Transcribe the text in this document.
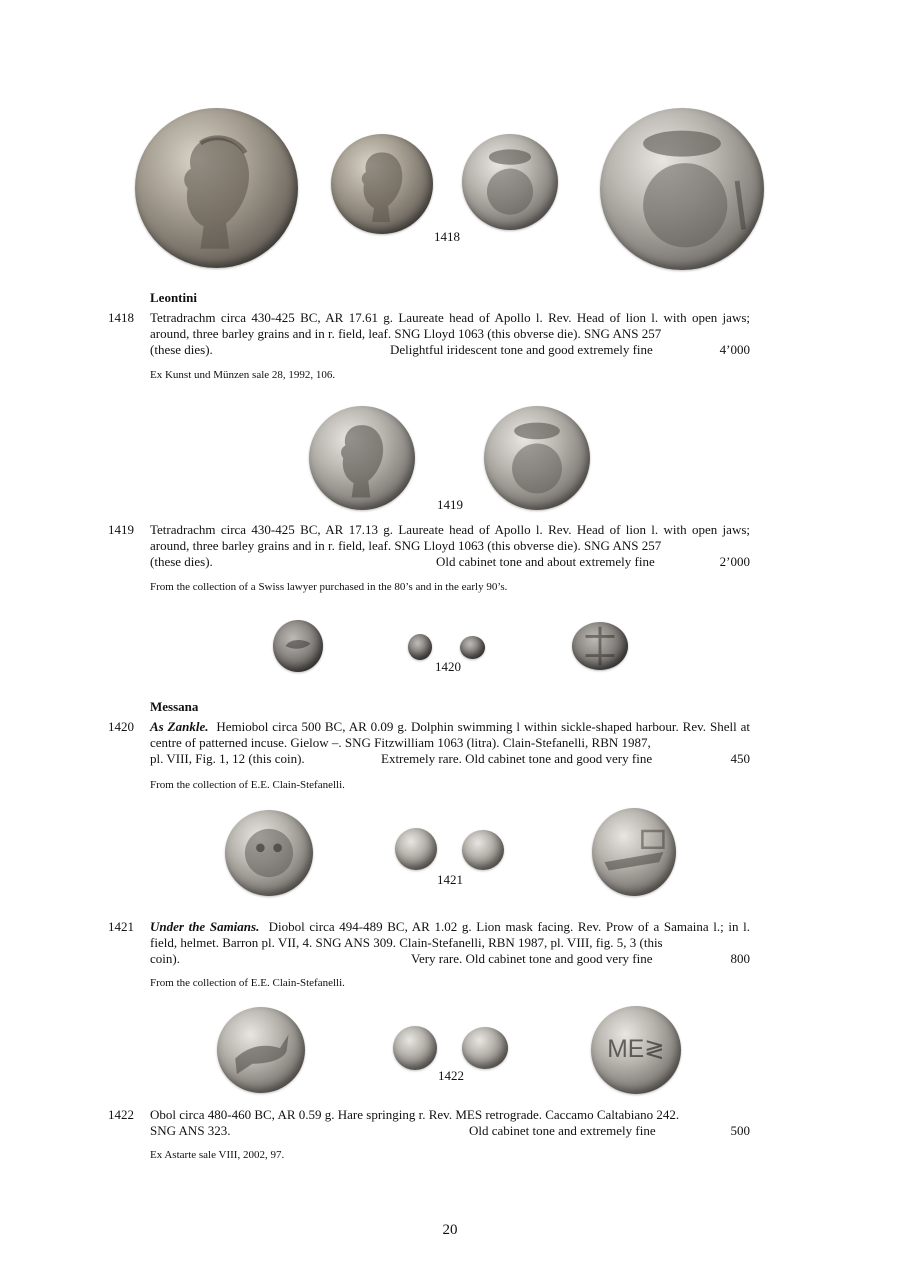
1418
Leontini
1418 Tetradrachm circa 430-425 BC, AR 17.61 g. Laureate head of Apollo l. Rev. Head of lion l. with open jaws; around, three barley grains and in r. field, leaf. SNG Lloyd 1063 (this obverse die). SNG ANS 257
(these dies).	Delightful iridescent tone and good extremely fine	4’000
Ex Kunst und Münzen sale 28, 1992, 106.
1419
1419 Tetradrachm circa 430-425 BC, AR 17.13 g. Laureate head of Apollo l. Rev. Head of lion l. with open jaws; around, three barley grains and in r. field, leaf. SNG Lloyd 1063 (this obverse die). SNG ANS 257
(these dies).	Old cabinet tone and about extremely fine	2’000
From the collection of a Swiss lawyer purchased in the 80’s and in the early 90’s.
1420
Messana
1420 As Zankle. Hemiobol circa 500 BC, AR 0.09 g. Dolphin swimming l within sickle-shaped harbour. Rev. Shell at centre of patterned incuse. Gielow –. SNG Fitzwilliam 1063 (litra). Clain-Stefanelli, RBN 1987,
pl. VIII, Fig. 1, 12 (this coin).	Extremely rare. Old cabinet tone and good very fine	450
From the collection of E.E. Clain-Stefanelli.
1421
1421 Under the Samians. Diobol circa 494-489 BC, AR 1.02 g. Lion mask facing. Rev. Prow of a Samaina l.; in l. field, helmet. Barron pl. VII, 4. SNG ANS 309. Clain-Stefanelli, RBN 1987, pl. VIII, fig. 5, 3 (this
coin).	Very rare. Old cabinet tone and good very fine	800
From the collection of E.E. Clain-Stefanelli.
ME≷
1422
1422 Obol circa 480-460 BC, AR 0.59 g. Hare springing r. Rev. MES retrograde. Caccamo Caltabiano 242.
SNG ANS 323.	Old cabinet tone and extremely fine	500
Ex Astarte sale VIII, 2002, 97.
20
